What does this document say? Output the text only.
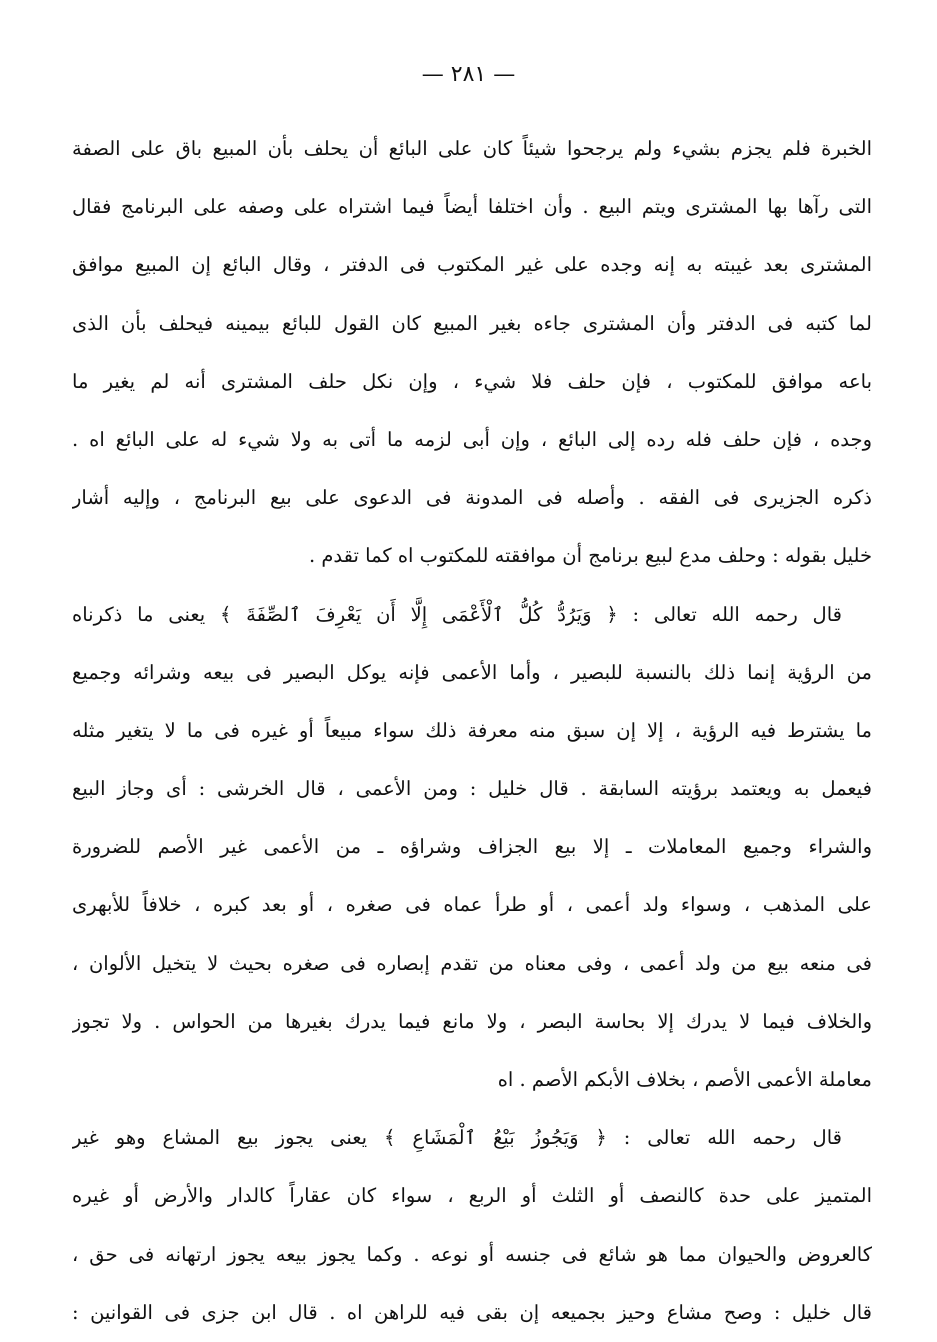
— ٢٨١ —
الخبرة فلم يجزم بشيء ولم يرجحوا شيئاً كان على البائع أن يحلف بأن المبيع باق على الصفة
التى رآها بها المشترى ويتم البيع . وأن اختلفا أيضاً فيما اشتراه على وصفه على البرنامج فقال
المشترى بعد غيبته به إنه وجده على غير المكتوب فى الدفتر ، وقال البائع إن المبيع موافق
لما كتبه فى الدفتر وأن المشترى جاءه بغير المبيع كان القول للبائع بيمينه فيحلف بأن الذى
باعه موافق للمكتوب ، فإن حلف فلا شيء ، وإن نكل حلف المشترى أنه لم يغير ما
وجده ، فإن حلف فله رده إلى البائع ، وإن أبى لزمه ما أتى به ولا شيء له على البائع اه .
ذكره الجزيرى فى الفقه . وأصله فى المدونة فى الدعوى على بيع البرنامج ، وإليه أشار
خليل بقوله : وحلف مدع لبيع برنامج أن موافقته للمكتوب اه كما تقدم .
قال رحمه الله تعالى : ﴿ وَيَرُدُّ كُلُّ ٱلْأَعْمَى إِلَّا أَن يَعْرِفَ ٱلصِّفَةَ ﴾ يعنى ما ذكرناه
من الرؤية إنما ذلك بالنسبة للبصير ، وأما الأعمى فإنه يوكل البصير فى بيعه وشرائه وجميع
ما يشترط فيه الرؤية ، إلا إن سبق منه معرفة ذلك سواء مبيعاً أو غيره فى ما لا يتغير مثله
فيعمل به ويعتمد برؤيته السابقة . قال خليل : ومن الأعمى ، قال الخرشى : أى وجاز البيع
والشراء وجميع المعاملات ـ إلا بيع الجزاف وشراؤه ـ من الأعمى غير الأصم للضرورة
على المذهب ، وسواء ولد أعمى ، أو طرأ عماه فى صغره ، أو بعد كبره ، خلافاً للأبهرى
فى منعه بيع من ولد أعمى ، وفى معناه من تقدم إبصاره فى صغره بحيث لا يتخيل الألوان ،
والخلاف فيما لا يدرك إلا بحاسة البصر ، ولا مانع فيما يدرك بغيرها من الحواس . ولا تجوز
معاملة الأعمى الأصم ، بخلاف الأبكم الأصم . اه
قال رحمه الله تعالى : ﴿ وَيَجُوزُ بَيْعُ ٱلْمَشَاعِ ﴾ يعنى يجوز بيع المشاع وهو غير
المتميز على حدة كالنصف أو الثلث أو الربع ، سواء كان عقاراً كالدار والأرض أو غيره
كالعروض والحيوان مما هو شائع فى جنسه أو نوعه . وكما يجوز بيعه يجوز ارتهانه فى حق ،
قال خليل : وصح مشاع وحيز بجميعه إن بقى فيه للراهن اه . قال ابن جزى فى القوانين :
